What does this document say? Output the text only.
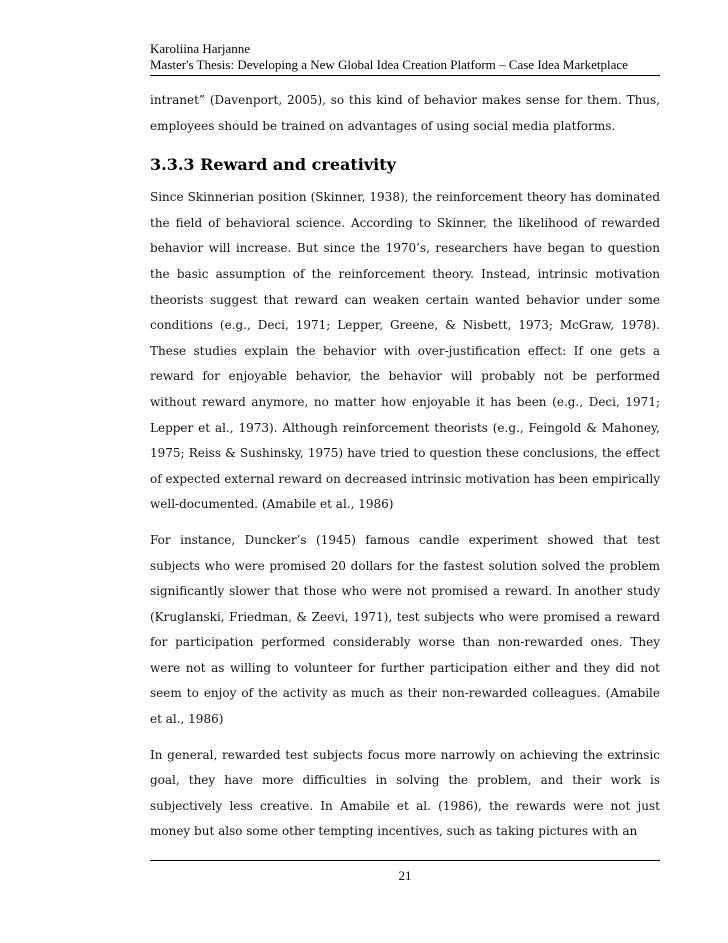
Karoliina Harjanne
Master's Thesis: Developing a New Global Idea Creation Platform – Case Idea Marketplace

intranet” (Davenport, 2005), so this kind of behavior makes sense for them. Thus, employees should be trained on advantages of using social media platforms.

3.3.3 Reward and creativity

Since Skinnerian position (Skinner, 1938), the reinforcement theory has dominated the field of behavioral science. According to Skinner, the likelihood of rewarded behavior will increase. But since the 1970’s, researchers have began to question the basic assumption of the reinforcement theory. Instead, intrinsic motivation theorists suggest that reward can weaken certain wanted behavior under some conditions (e.g., Deci, 1971; Lepper, Greene, & Nisbett, 1973; McGraw, 1978). These studies explain the behavior with over-justification effect: If one gets a reward for enjoyable behavior, the behavior will probably not be performed without reward anymore, no matter how enjoyable it has been (e.g., Deci, 1971; Lepper et al., 1973). Although reinforcement theorists (e.g., Feingold & Mahoney, 1975; Reiss & Sushinsky, 1975) have tried to question these conclusions, the effect of expected external reward on decreased intrinsic motivation has been empirically well-documented. (Amabile et al., 1986)

For instance, Duncker’s (1945) famous candle experiment showed that test subjects who were promised 20 dollars for the fastest solution solved the problem significantly slower that those who were not promised a reward. In another study (Kruglanski, Friedman, & Zeevi, 1971), test subjects who were promised a reward for participation performed considerably worse than non-rewarded ones. They were not as willing to volunteer for further participation either and they did not seem to enjoy of the activity as much as their non-rewarded colleagues. (Amabile et al., 1986)

In general, rewarded test subjects focus more narrowly on achieving the extrinsic goal, they have more difficulties in solving the problem, and their work is subjectively less creative. In Amabile et al. (1986), the rewards were not just money but also some other tempting incentives, such as taking pictures with an

21
